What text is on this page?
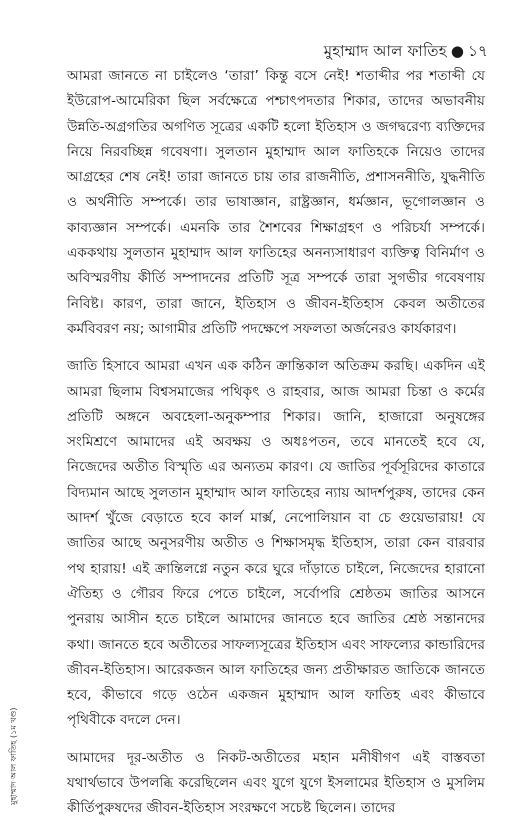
মুহাম্মাদ আল ফাতিহ ● ১৭

আমরা জানতে না চাইলেও ‘তারা’ কিন্তু বসে নেই! শতাব্দীর পর শতাব্দী যে ইউরোপ-আমেরিকা ছিল সর্বক্ষেত্রে পশ্চাৎপদতার শিকার, তাদের অভাবনীয় উন্নতি-অগ্রগতির অগণিত সূত্রের একটি হলো ইতিহাস ও জগদ্বরেণ্য ব্যক্তিদের নিয়ে নিরবচ্ছিন্ন গবেষণা। সুলতান মুহাম্মাদ আল ফাতিহকে নিয়েও তাদের আগ্রহের শেষ নেই! তারা জানতে চায় তার রাজনীতি, প্রশাসননীতি, যুদ্ধনীতি ও অর্থনীতি সম্পর্কে। তার ভাষাজ্ঞান, রাষ্ট্রজ্ঞান, ধর্মজ্ঞান, ভূগোলজ্ঞান ও কাব্যজ্ঞান সম্পর্কে। এমনকি তার শৈশবের শিক্ষাগ্রহণ ও পরিচর্যা সম্পর্কে। এককথায় সুলতান মুহাম্মাদ আল ফাতিহের অনন্যসাধারণ ব্যক্তিত্ব বিনির্মাণ ও অবিস্মরণীয় কীর্তি সম্পাদনের প্রতিটি সূত্র সম্পর্কে তারা সুগভীর গবেষণায় নিবিষ্ট। কারণ, তারা জানে, ইতিহাস ও জীবন-ইতিহাস কেবল অতীতের কর্মবিবরণ নয়; আগামীর প্রতিটি পদক্ষেপে সফলতা অর্জনেরও কার্যকারণ।

জাতি হিসাবে আমরা এখন এক কঠিন ক্রান্তিকাল অতিক্রম করছি। একদিন এই আমরা ছিলাম বিশ্বসমাজের পথিকৃৎ ও রাহবার, আজ আমরা চিন্তা ও কর্মের প্রতিটি অঙ্গনে অবহেলা-অনুকম্পার শিকার। জানি, হাজারো অনুষঙ্গের সংমিশ্রণে আমাদের এই অবক্ষয় ও অধঃপতন, তবে মানতেই হবে যে, নিজেদের অতীত বিস্মৃতি এর অন্যতম কারণ। যে জাতির পূর্বসূরিদের কাতারে বিদ্যমান আছে সুলতান মুহাম্মাদ আল ফাতিহের ন্যায় আদর্শপুরুষ, তাদের কেন আদর্শ খুঁজে বেড়াতে হবে কার্ল মার্ক্স, নেপোলিয়ান বা চে গুয়েভারায়! যে জাতির আছে অনুসরণীয় অতীত ও শিক্ষাসমৃদ্ধ ইতিহাস, তারা কেন বারবার পথ হারায়! এই ক্রান্তিলগ্নে নতুন করে ঘুরে দাঁড়াতে চাইলে, নিজেদের হারানো ঐতিহ্য ও গৌরব ফিরে পেতে চাইলে, সর্বোপরি শ্রেষ্ঠতম জাতির আসনে পুনরায় আসীন হতে চাইলে আমাদের জানতে হবে জাতির শ্রেষ্ঠ সন্তানদের কথা। জানতে হবে অতীতের সাফল্যসূত্রের ইতিহাস এবং সাফল্যের কান্ডারিদের জীবন-ইতিহাস। আরেকজন আল ফাতিহের জন্য প্রতীক্ষারত জাতিকে জানতে হবে, কীভাবে গড়ে ওঠেন একজন মুহাম্মাদ আল ফাতিহ এবং কীভাবে পৃথিবীকে বদলে দেন।

আমাদের দূর-অতীত ও নিকট-অতীতের মহান মনীষীগণ এই বাস্তবতা যথার্থভাবে উপলব্ধি করেছিলেন এবং যুগে যুগে ইসলামের ইতিহাস ও মুসলিম কীর্তিপুরুষদের জীবন-ইতিহাস সংরক্ষণে সচেষ্ট ছিলেন। তাদের

মুহাম্মাদ আল ফাতিহ (১ম খণ্ড)
